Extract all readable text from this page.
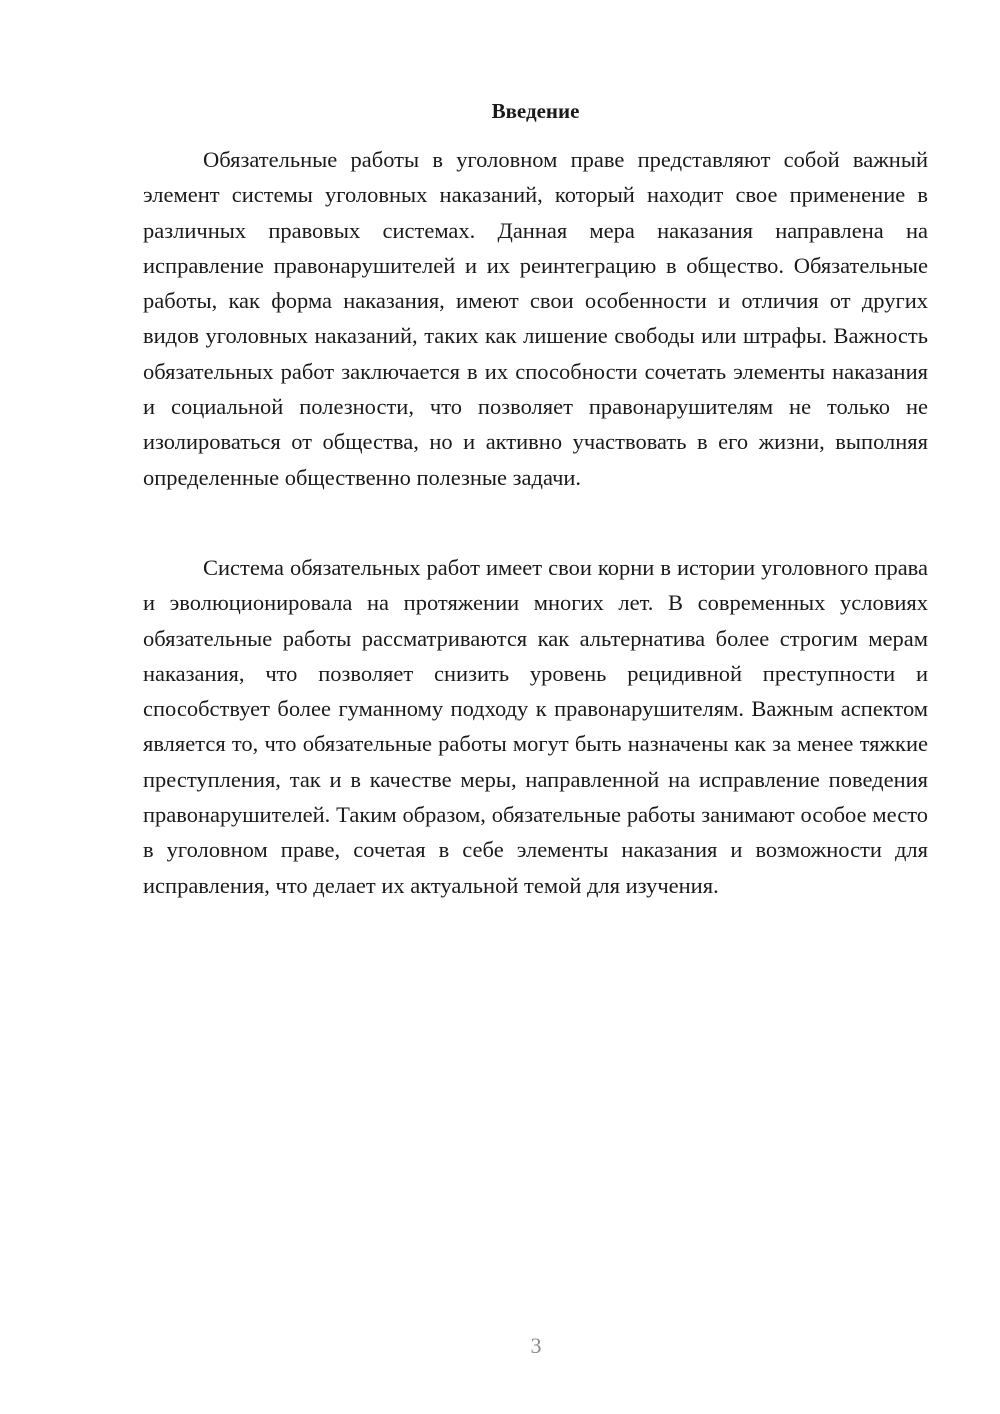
Введение

Обязательные работы в уголовном праве представляют собой важный элемент системы уголовных наказаний, который находит свое применение в различных правовых системах. Данная мера наказания направлена на исправление правонарушителей и их реинтеграцию в общество. Обязательные работы, как форма наказания, имеют свои особенности и отличия от других видов уголовных наказаний, таких как лишение свободы или штрафы. Важность обязательных работ заключается в их способности сочетать элементы наказания и социальной полезности, что позволяет правонарушителям не только не изолироваться от общества, но и активно участвовать в его жизни, выполняя определенные общественно полезные задачи.

Система обязательных работ имеет свои корни в истории уголовного права и эволюционировала на протяжении многих лет. В современных условиях обязательные работы рассматриваются как альтернатива более строгим мерам наказания, что позволяет снизить уровень рецидивной преступности и способствует более гуманному подходу к правонарушителям. Важным аспектом является то, что обязательные работы могут быть назначены как за менее тяжкие преступления, так и в качестве меры, направленной на исправление поведения правонарушителей. Таким образом, обязательные работы занимают особое место в уголовном праве, сочетая в себе элементы наказания и возможности для исправления, что делает их актуальной темой для изучения.

3
